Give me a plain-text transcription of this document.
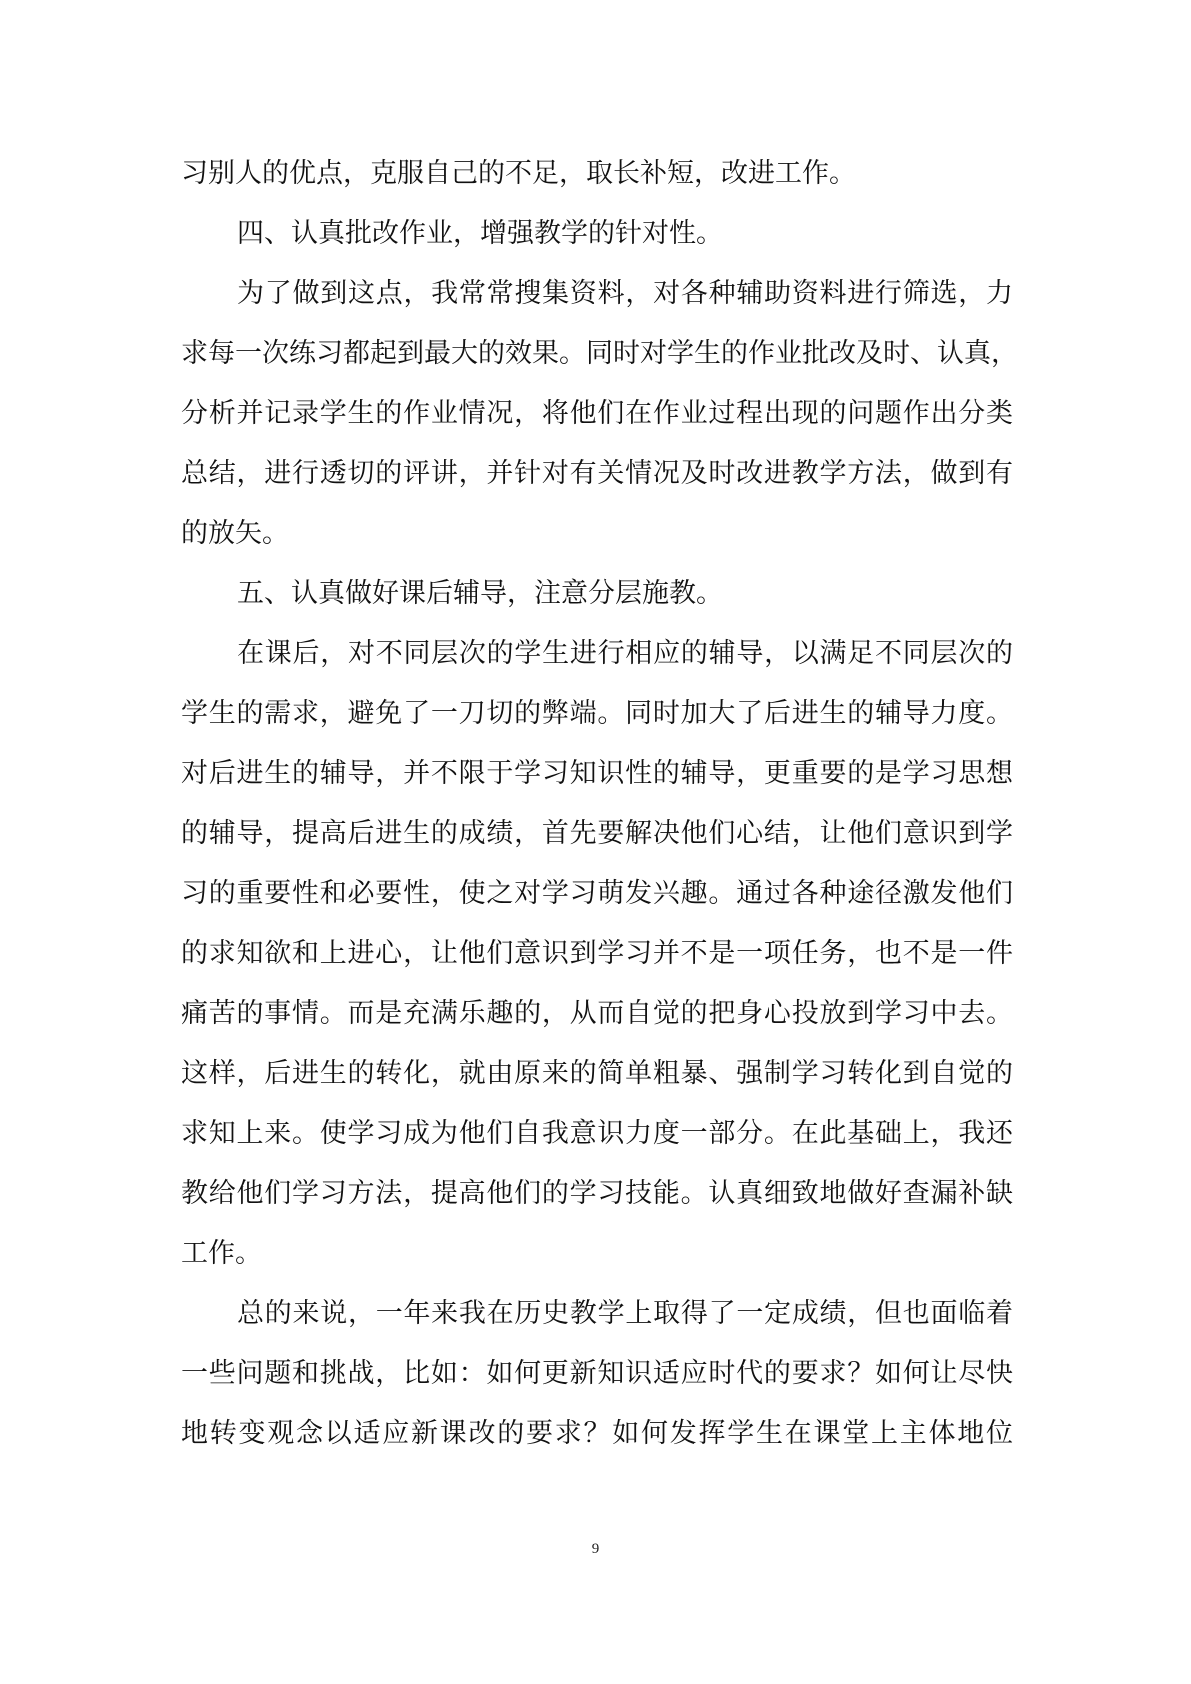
习别人的优点，克服自己的不足，取长补短，改进工作。
四、认真批改作业，增强教学的针对性。
为了做到这点，我常常搜集资料，对各种辅助资料进行筛选，力
求每一次练习都起到最大的效果。同时对学生的作业批改及时、认真，
分析并记录学生的作业情况，将他们在作业过程出现的问题作出分类
总结，进行透切的评讲，并针对有关情况及时改进教学方法，做到有
的放矢。
五、认真做好课后辅导，注意分层施教。
在课后，对不同层次的学生进行相应的辅导，以满足不同层次的
学生的需求，避免了一刀切的弊端。同时加大了后进生的辅导力度。
对后进生的辅导，并不限于学习知识性的辅导，更重要的是学习思想
的辅导，提高后进生的成绩，首先要解决他们心结，让他们意识到学
习的重要性和必要性，使之对学习萌发兴趣。通过各种途径激发他们
的求知欲和上进心，让他们意识到学习并不是一项任务，也不是一件
痛苦的事情。而是充满乐趣的，从而自觉的把身心投放到学习中去。
这样，后进生的转化，就由原来的简单粗暴、强制学习转化到自觉的
求知上来。使学习成为他们自我意识力度一部分。在此基础上，我还
教给他们学习方法，提高他们的学习技能。认真细致地做好查漏补缺
工作。
总的来说，一年来我在历史教学上取得了一定成绩，但也面临着
一些问题和挑战，比如：如何更新知识适应时代的要求？如何让尽快
地转变观念以适应新课改的要求？如何发挥学生在课堂上主体地位
9
